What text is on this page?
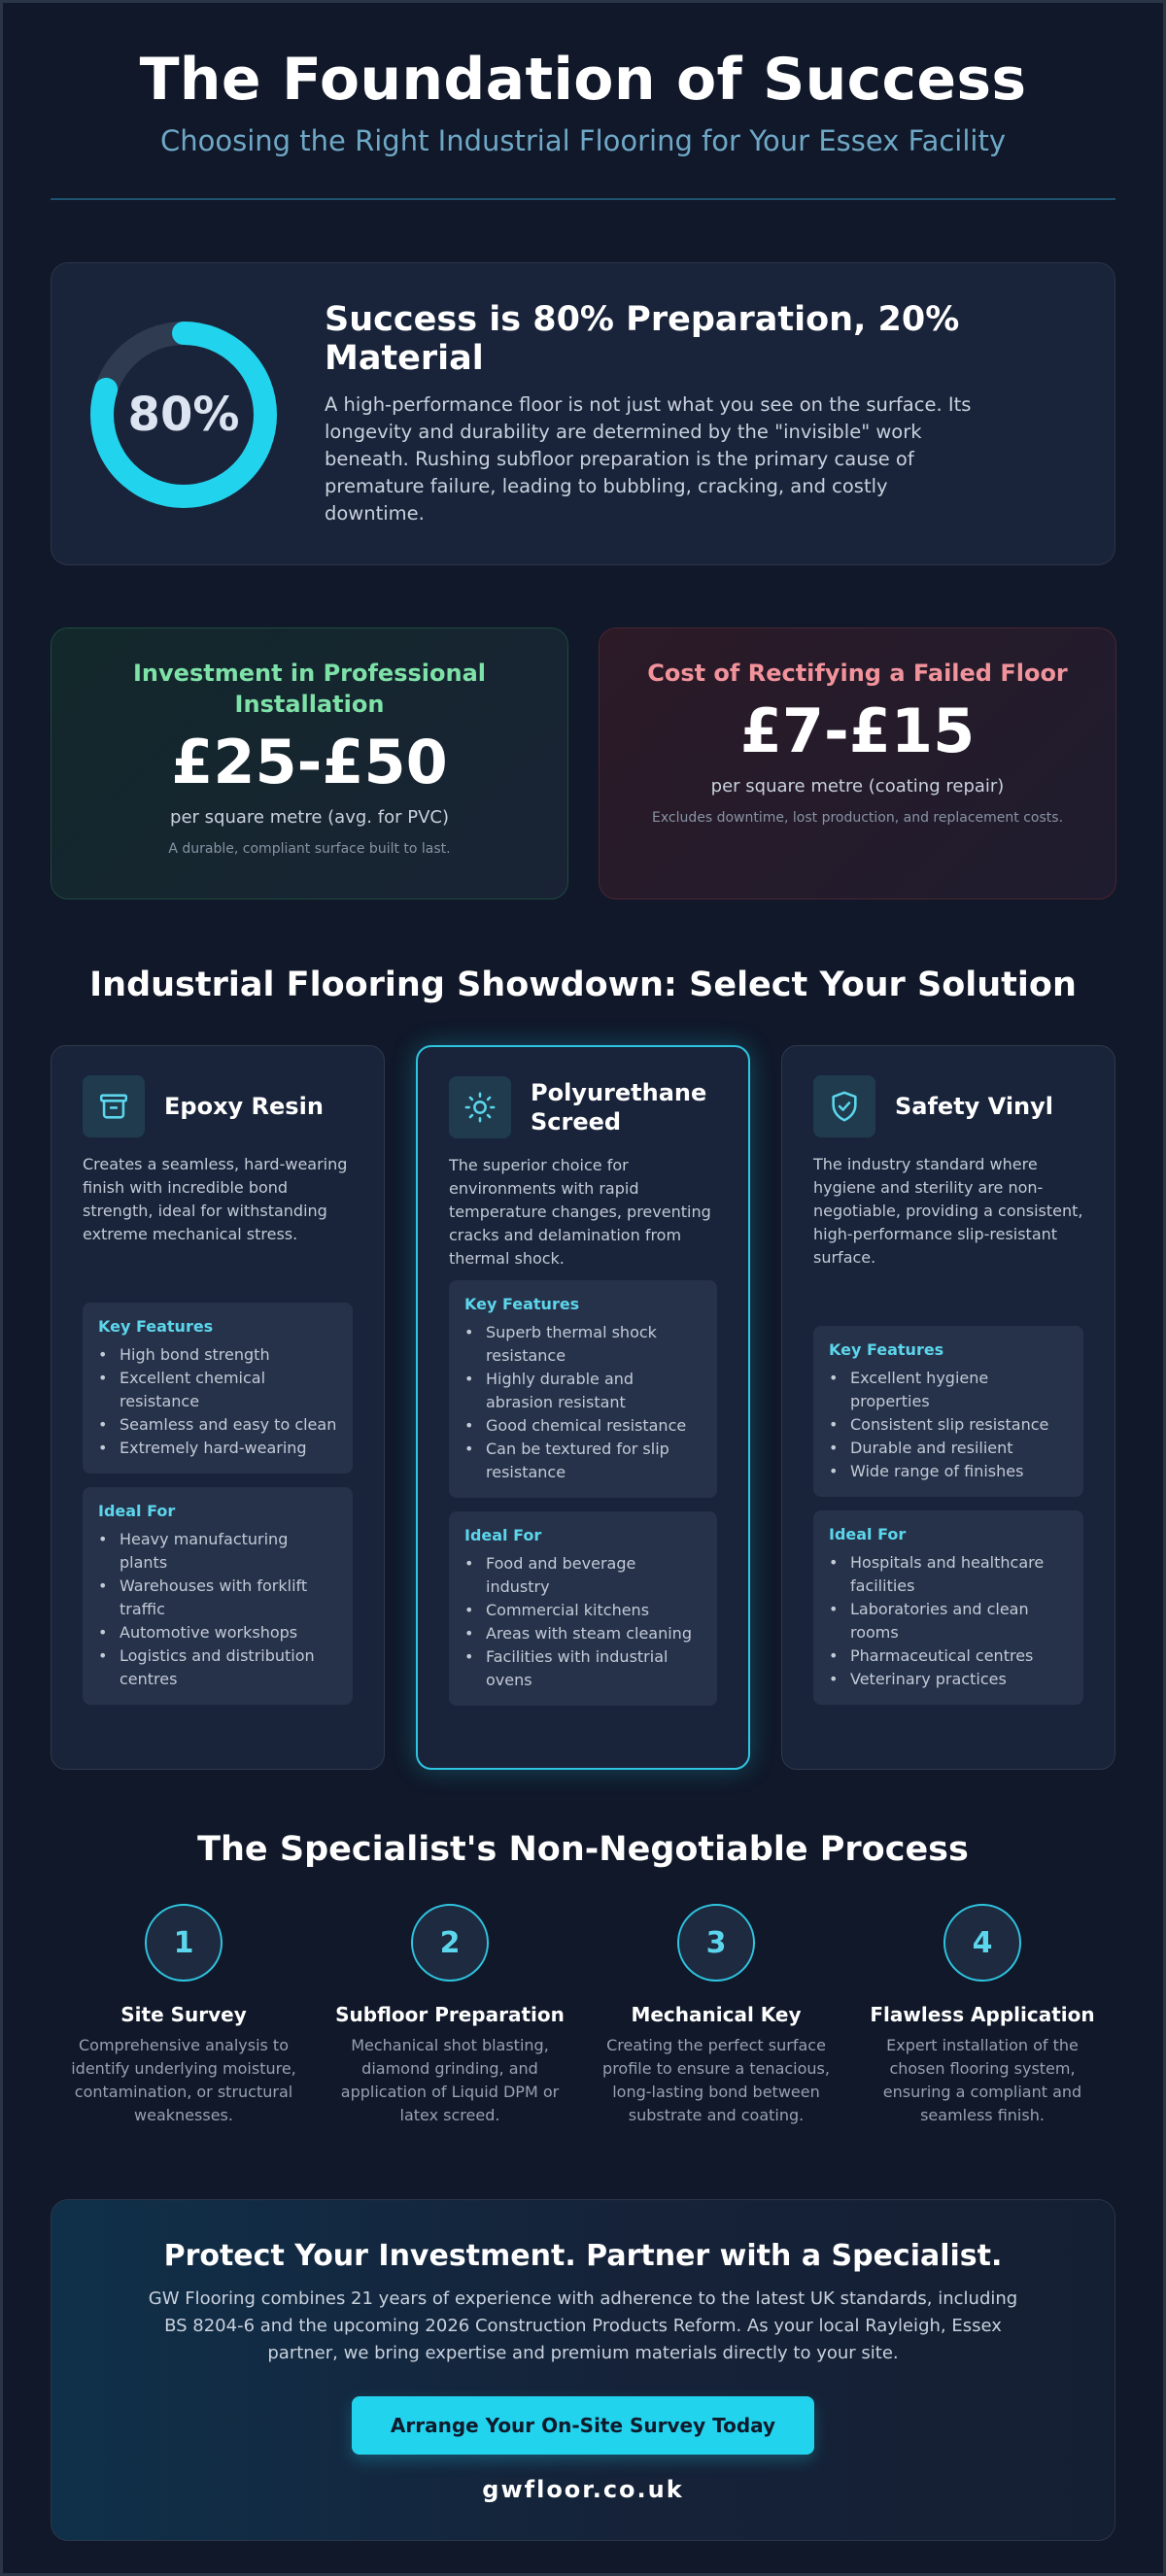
The Foundation of Success
Choosing the Right Industrial Flooring for Your Essex Facility
80%
Success is 80% Preparation, 20% Material

A high-performance floor is not just what you see on the surface. Its longevity and durability are determined by the "invisible" work beneath. Rushing subfloor preparation is the primary cause of premature failure, leading to bubbling, cracking, and costly downtime.

Investment in Professional Installation
£25-£50
per square metre (avg. for PVC)
A durable, compliant surface built to last.
Cost of Rectifying a Failed Floor
£7-£15
per square metre (coating repair)
Excludes downtime, lost production, and replacement costs.
Industrial Flooring Showdown: Select Your Solution
Epoxy Resin

Creates a seamless, hard-wearing finish with incredible bond strength, ideal for withstanding extreme mechanical stress.

Key Features
• High bond strength
• Excellent chemical resistance
• Seamless and easy to clean
• Extremely hard-wearing
Ideal For
• Heavy manufacturing plants
• Warehouses with forklift traffic
• Automotive workshops
• Logistics and distribution centres
Polyurethane Screed

The superior choice for environments with rapid temperature changes, preventing cracks and delamination from thermal shock.

Key Features
• Superb thermal shock resistance
• Highly durable and abrasion resistant
• Good chemical resistance
• Can be textured for slip resistance
Ideal For
• Food and beverage industry
• Commercial kitchens
• Areas with steam cleaning
• Facilities with industrial ovens
Safety Vinyl

The industry standard where hygiene and sterility are non-negotiable, providing a consistent, high-performance slip-resistant surface.

Key Features
• Excellent hygiene properties
• Consistent slip resistance
• Durable and resilient
• Wide range of finishes
Ideal For
• Hospitals and healthcare facilities
• Laboratories and clean rooms
• Pharmaceutical centres
• Veterinary practices
The Specialist's Non-Negotiable Process
1
Site Survey

Comprehensive analysis to identify underlying moisture, contamination, or structural weaknesses.

2
Subfloor Preparation

Mechanical shot blasting, diamond grinding, and application of Liquid DPM or latex screed.

3
Mechanical Key

Creating the perfect surface profile to ensure a tenacious, long-lasting bond between substrate and coating.

4
Flawless Application

Expert installation of the chosen flooring system, ensuring a compliant and seamless finish.

Protect Your Investment. Partner with a Specialist.

GW Flooring combines 21 years of experience with adherence to the latest UK standards, including BS 8204-6 and the upcoming 2026 Construction Products Reform. As your local Rayleigh, Essex partner, we bring expertise and premium materials directly to your site.

Arrange Your On-Site Survey Today
gwfloor.co.uk
